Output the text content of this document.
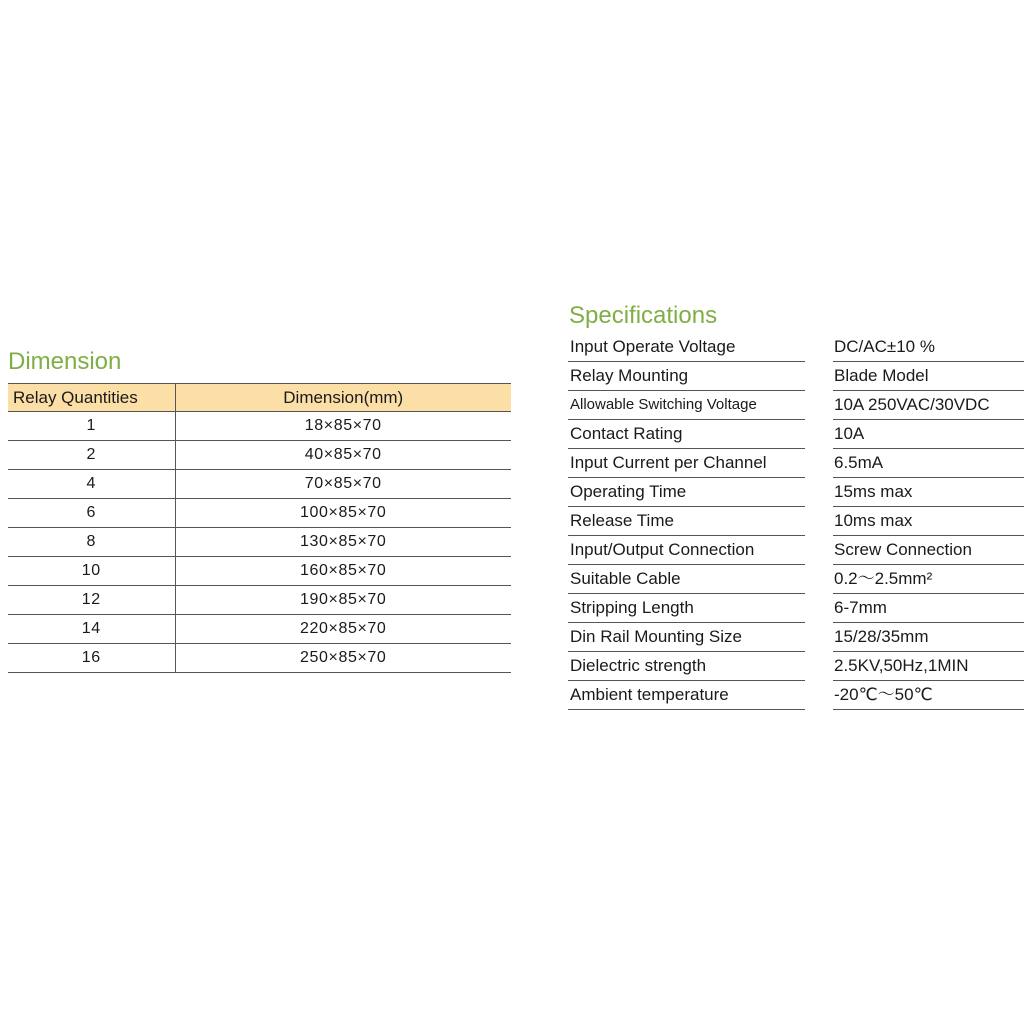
Dimension
Relay Quantities	Dimension(mm)
1	18×85×70
2	40×85×70
4	70×85×70
6	100×85×70
8	130×85×70
10	160×85×70
12	190×85×70
14	220×85×70
16	250×85×70
Specifications
Input Operate Voltage	DC/AC±10 %
Relay Mounting	Blade Model
Allowable Switching Voltage	10A 250VAC/30VDC
Contact Rating	10A
Input Current per Channel	6.5mA
Operating Time	15ms max
Release Time	10ms max
Input/Output Connection	Screw Connection
Suitable Cable	0.2～2.5mm²
Stripping Length	6-7mm
Din Rail Mounting Size	15/28/35mm
Dielectric strength	2.5KV,50Hz,1MIN
Ambient temperature	-20℃～50℃
